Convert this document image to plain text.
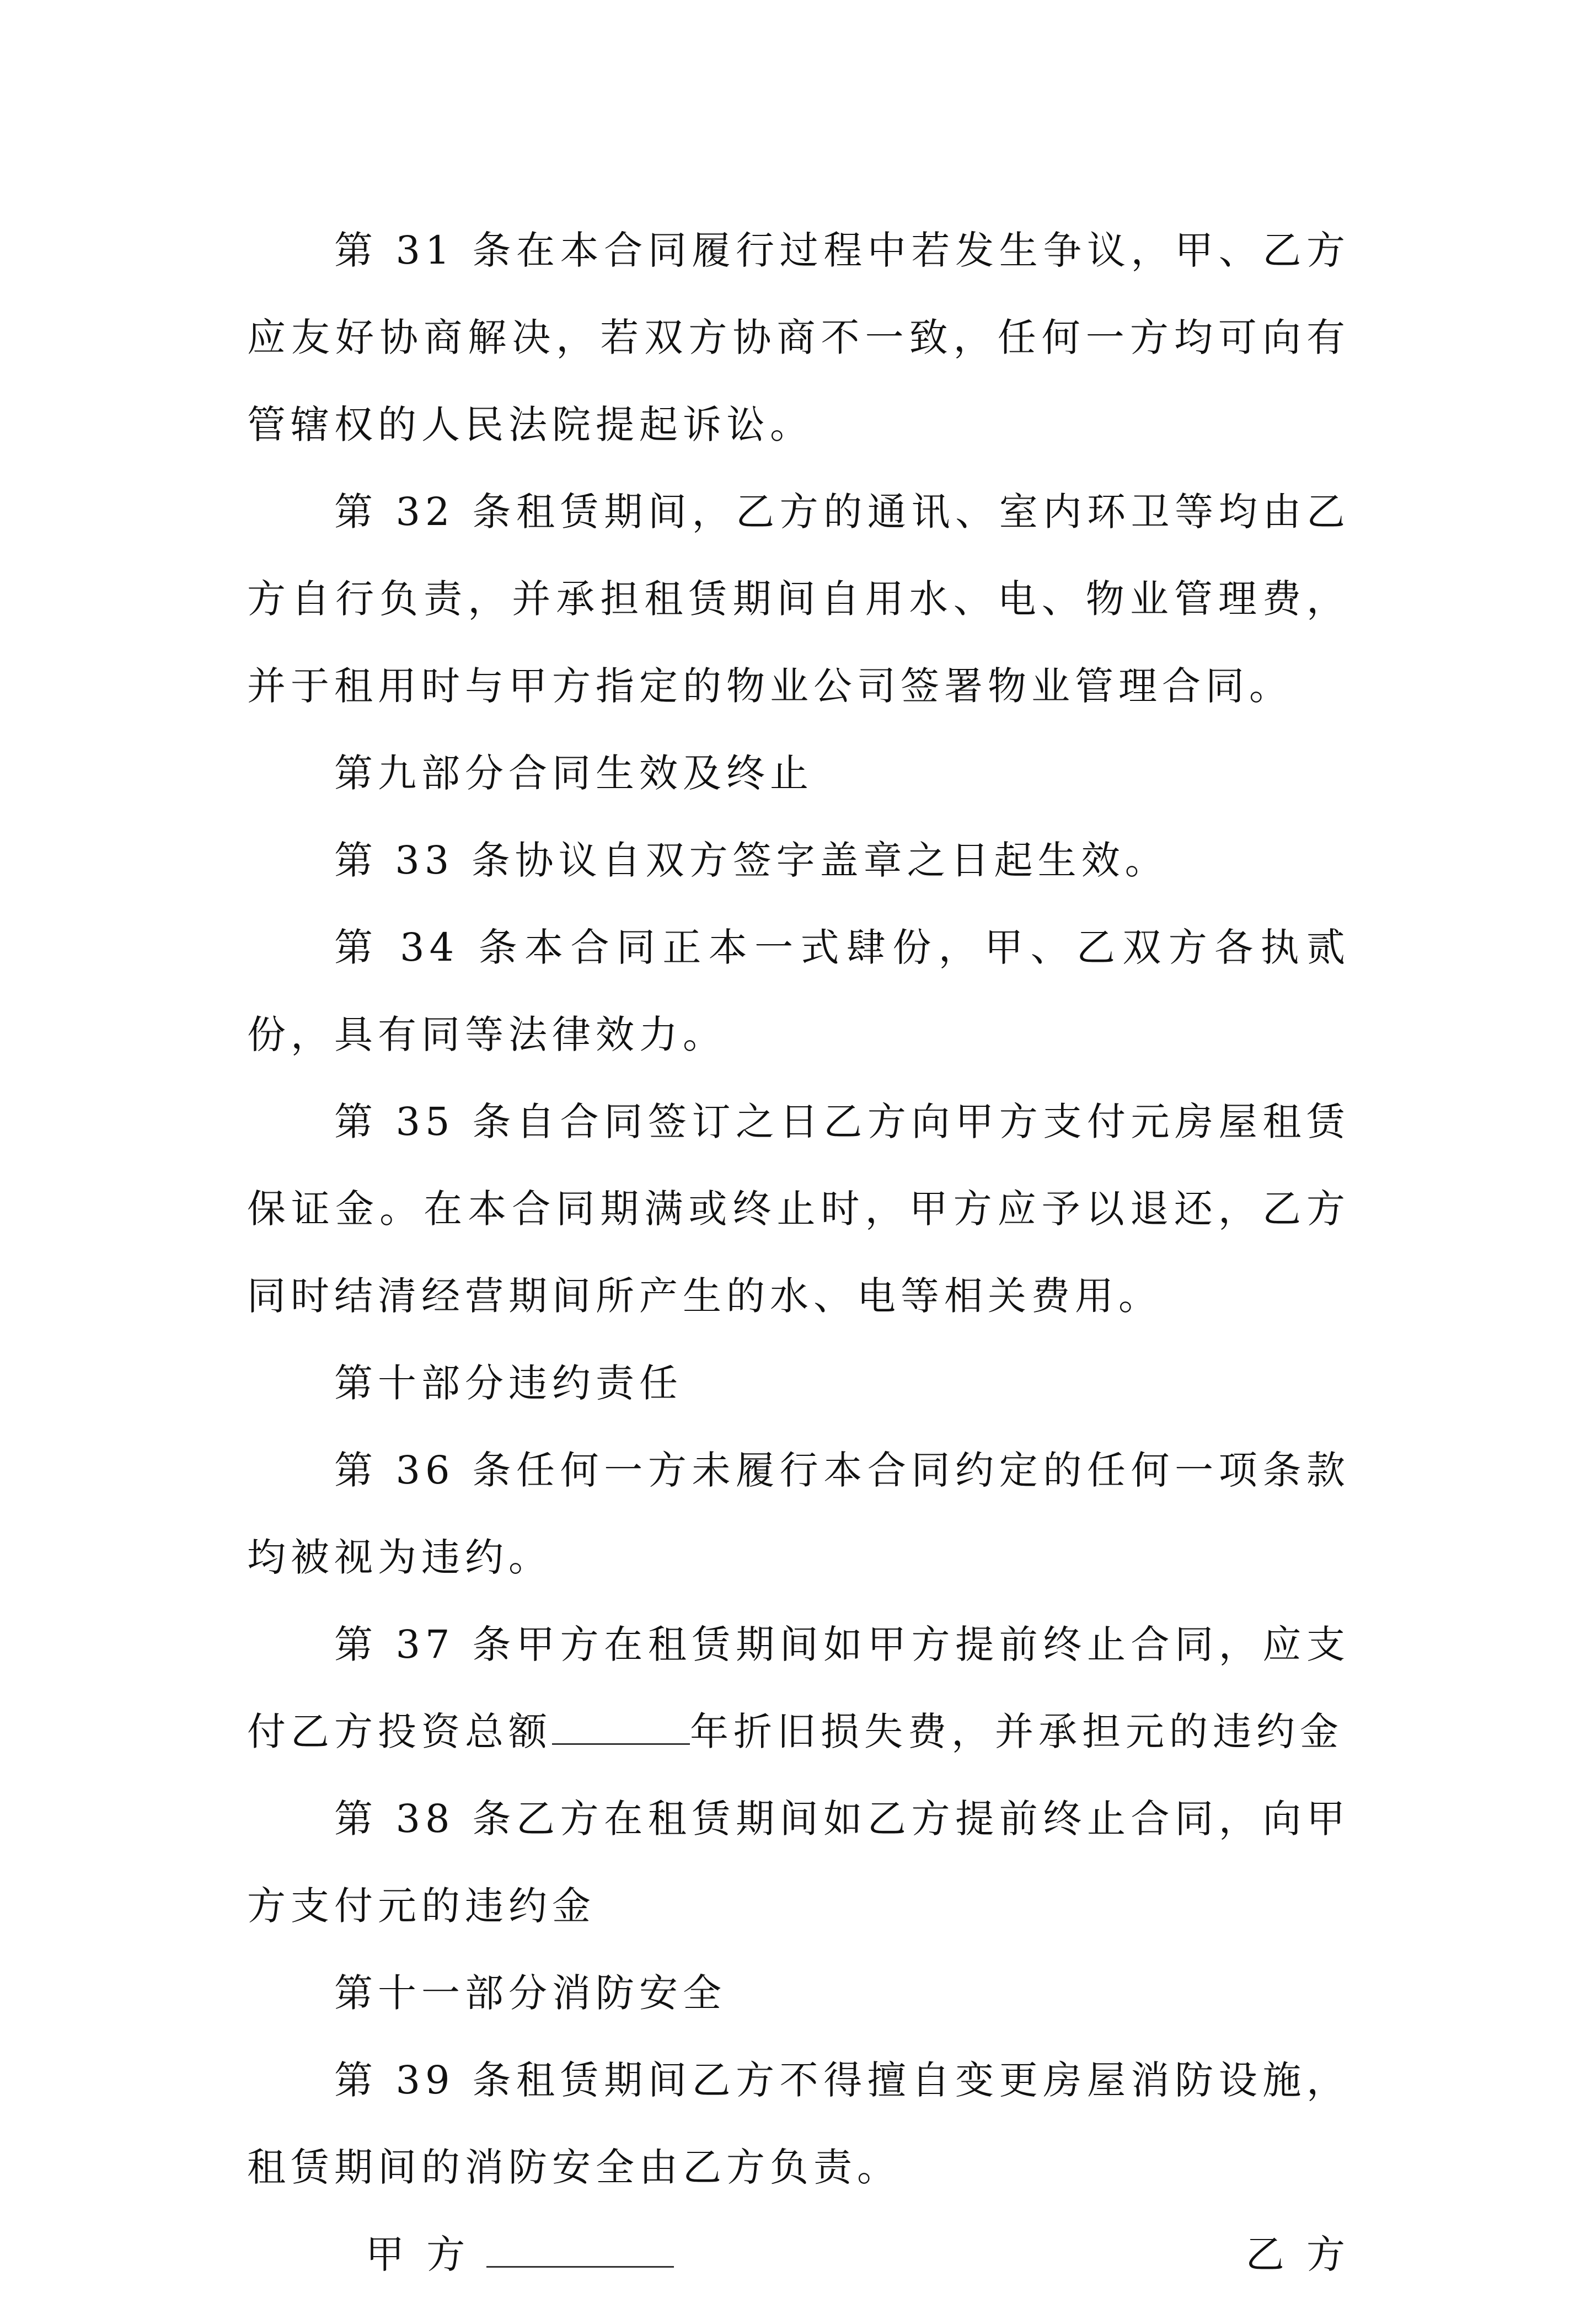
第 31 条在本合同履行过程中若发生争议，甲、乙方应友好协商解决，若双方协商不一致，任何一方均可向有管辖权的人民法院提起诉讼。

第 32 条租赁期间，乙方的通讯、室内环卫等均由乙方自行负责，并承担租赁期间自用水、电、物业管理费，并于租用时与甲方指定的物业公司签署物业管理合同。

第九部分合同生效及终止

第 33 条协议自双方签字盖章之日起生效。

第 34 条本合同正本一式肆份，甲、乙双方各执贰份，具有同等法律效力。

第 35 条自合同签订之日乙方向甲方支付元房屋租赁保证金。在本合同期满或终止时，甲方应予以退还，乙方同时结清经营期间所产生的水、电等相关费用。

第十部分违约责任

第 36 条任何一方未履行本合同约定的任何一项条款均被视为违约。

第 37 条甲方在租赁期间如甲方提前终止合同，应支付乙方投资总额	年折旧损失费，并承担元的违约金

第 38 条乙方在租赁期间如乙方提前终止合同，向甲方支付元的违约金

第十一部分消防安全

第 39 条租赁期间乙方不得擅自变更房屋消防设施，租赁期间的消防安全由乙方负责。

甲 方	乙 方
